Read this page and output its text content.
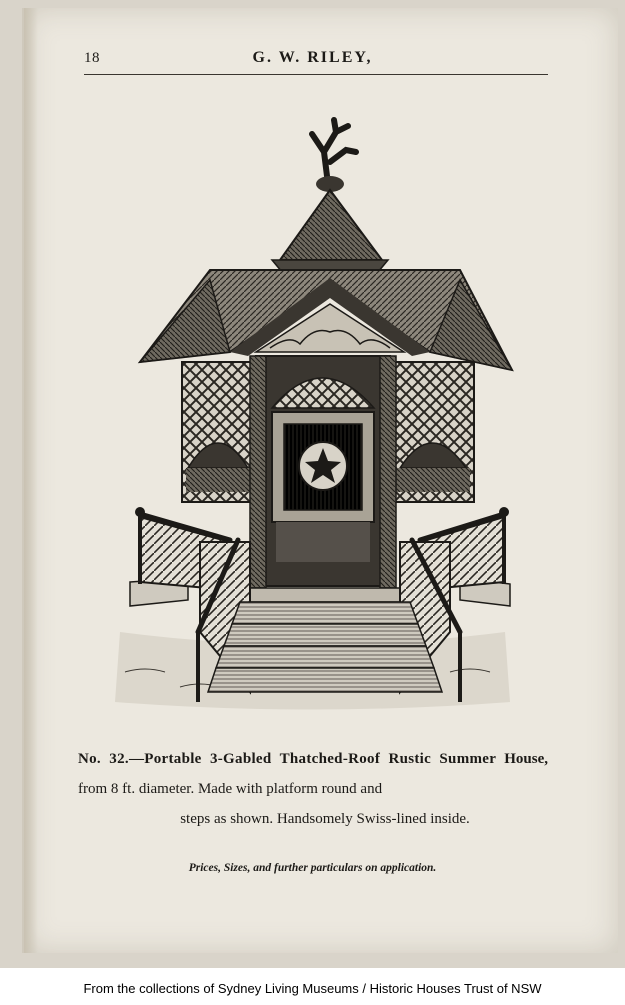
18	G. W. RILEY,
No. 32.—Portable 3-Gabled Thatched-Roof Rustic Summer House, from 8 ft. diameter. Made with platform round and
steps as shown. Handsomely Swiss-lined inside.
Prices, Sizes, and further particulars on application.
From the collections of Sydney Living Museums / Historic Houses Trust of NSW
